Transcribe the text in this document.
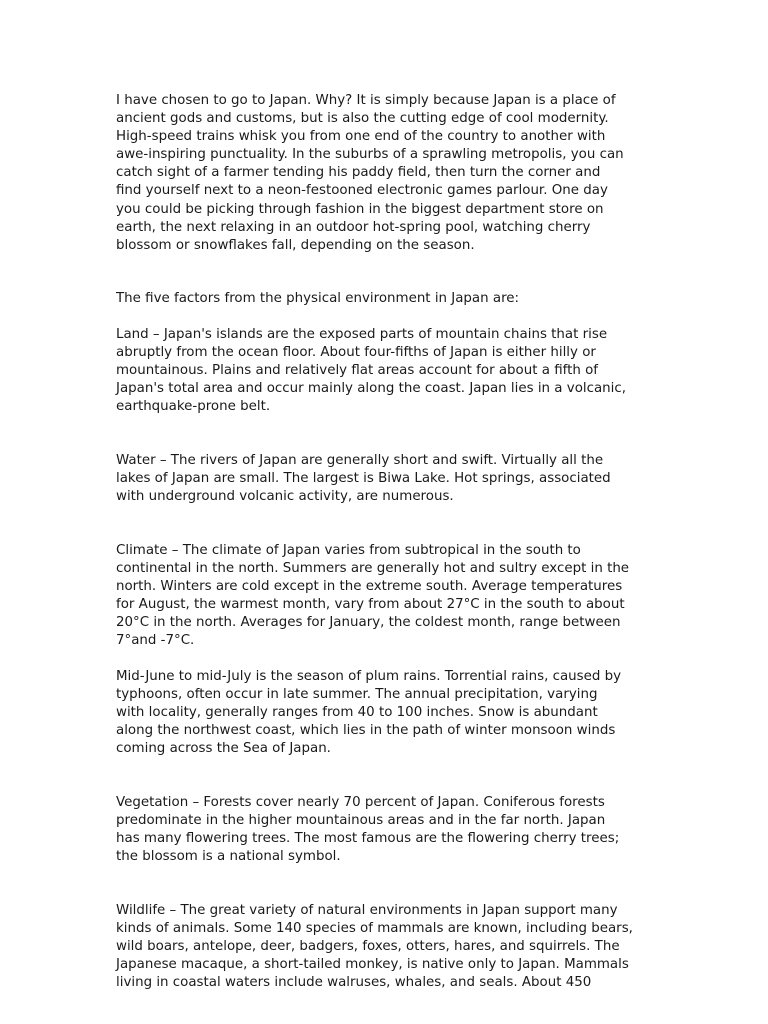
I have chosen to go to Japan. Why? It is simply because Japan is a place of
ancient gods and customs, but is also the cutting edge of cool modernity.
High-speed trains whisk you from one end of the country to another with
awe-inspiring punctuality. In the suburbs of a sprawling metropolis, you can
catch sight of a farmer tending his paddy field, then turn the corner and
find yourself next to a neon-festooned electronic games parlour. One day
you could be picking through fashion in the biggest department store on
earth, the next relaxing in an outdoor hot-spring pool, watching cherry
blossom or snowflakes fall, depending on the season.

The five factors from the physical environment in Japan are:

Land – Japan's islands are the exposed parts of mountain chains that rise
abruptly from the ocean floor. About four-fifths of Japan is either hilly or
mountainous. Plains and relatively flat areas account for about a fifth of
Japan's total area and occur mainly along the coast. Japan lies in a volcanic,
earthquake-prone belt.

Water – The rivers of Japan are generally short and swift. Virtually all the
lakes of Japan are small. The largest is Biwa Lake. Hot springs, associated
with underground volcanic activity, are numerous.

Climate – The climate of Japan varies from subtropical in the south to
continental in the north. Summers are generally hot and sultry except in the
north. Winters are cold except in the extreme south. Average temperatures
for August, the warmest month, vary from about 27°C in the south to about
20°C in the north. Averages for January, the coldest month, range between
7°and -7°C.

Mid-June to mid-July is the season of plum rains. Torrential rains, caused by
typhoons, often occur in late summer. The annual precipitation, varying
with locality, generally ranges from 40 to 100 inches. Snow is abundant
along the northwest coast, which lies in the path of winter monsoon winds
coming across the Sea of Japan.

Vegetation – Forests cover nearly 70 percent of Japan. Coniferous forests
predominate in the higher mountainous areas and in the far north. Japan
has many flowering trees. The most famous are the flowering cherry trees;
the blossom is a national symbol.

Wildlife – The great variety of natural environments in Japan support many
kinds of animals. Some 140 species of mammals are known, including bears,
wild boars, antelope, deer, badgers, foxes, otters, hares, and squirrels. The
Japanese macaque, a short-tailed monkey, is native only to Japan. Mammals
living in coastal waters include walruses, whales, and seals. About 450
